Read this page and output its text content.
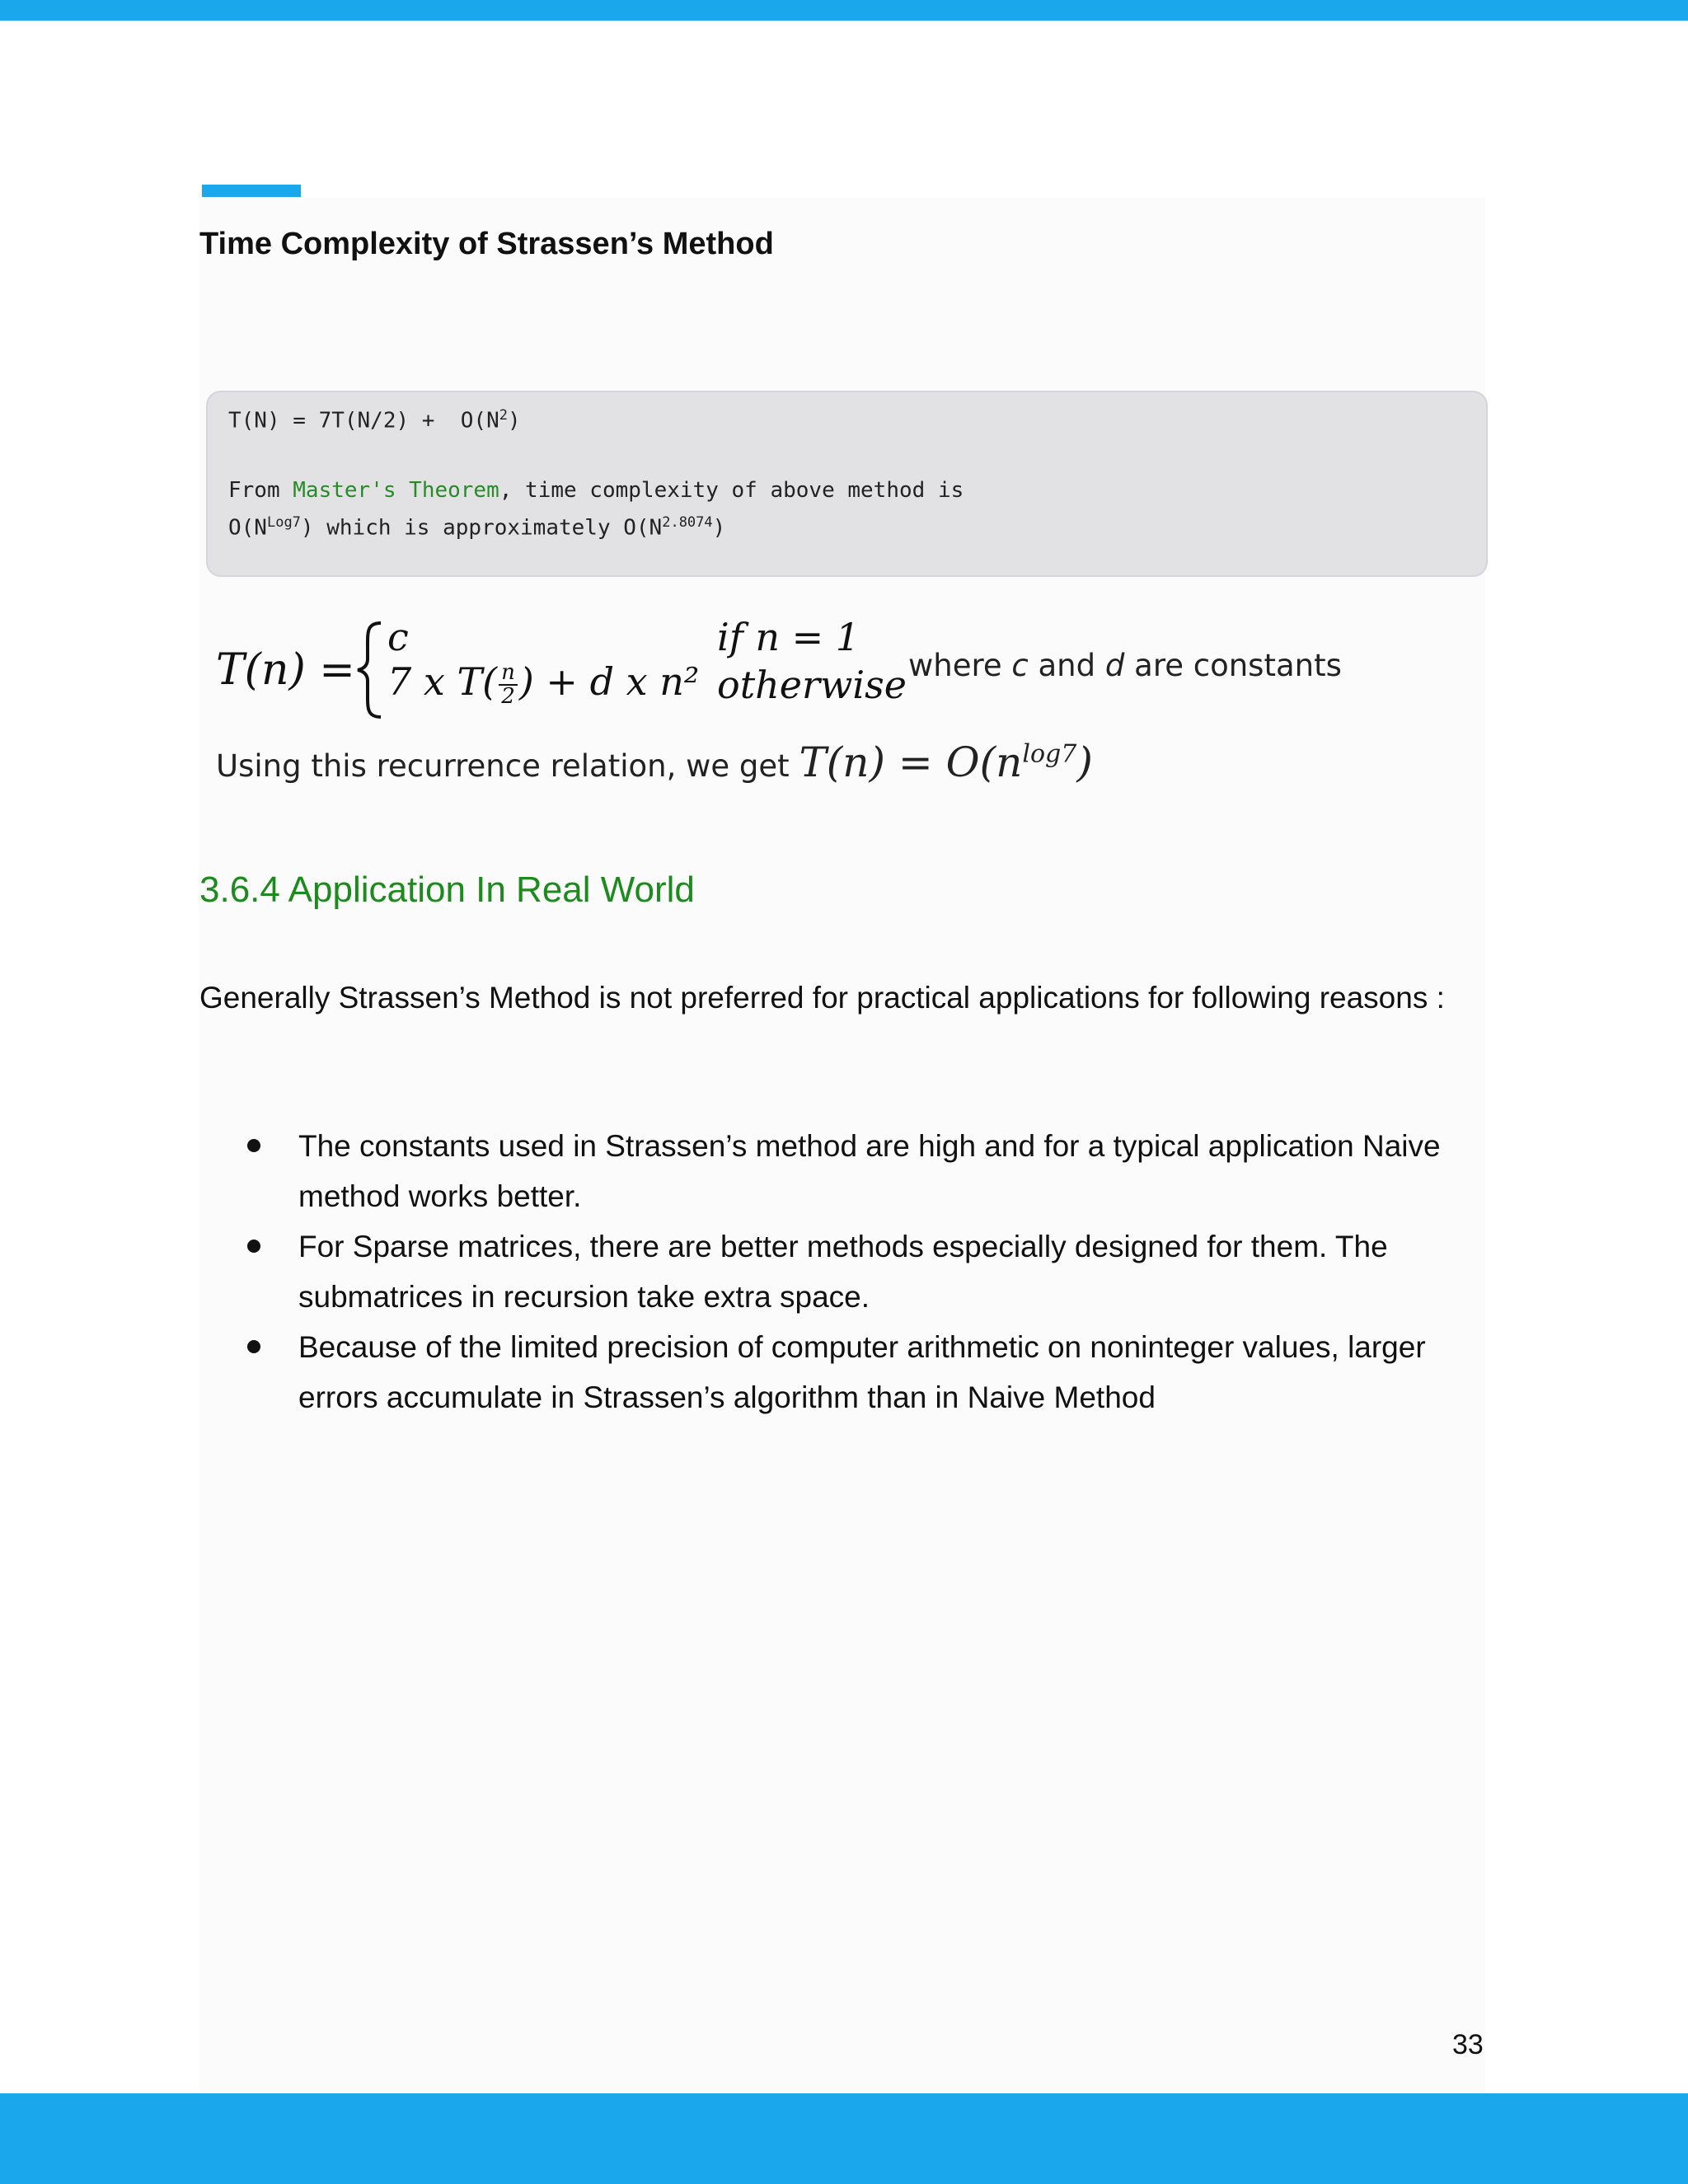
Time Complexity of Strassen’s Method
$T(N) = 7T(N/2) + O(N^2)$
From Master's Theorem, time complexity of above method is
$O(N^{Log7})$ which is approximately $O(N^{2.8074})$
T(n) =
c	if n = 1
7 x $T( \frac{n}{2}$ ) + d x n² otherwise where c and d are constants
Using this recurrence relation, we get $T(n) = O(n^{log7})$
3.6.4 Application In Real World
Generally Strassen’s Method is not preferred for practical applications for following reasons :
The constants used in Strassen’s method are high and for a typical application Naive method works better.
For Sparse matrices, there are better methods especially designed for them. The submatrices in recursion take extra space.
Because of the limited precision of computer arithmetic on noninteger values, larger errors accumulate in Strassen’s algorithm than in Naive Method
33
